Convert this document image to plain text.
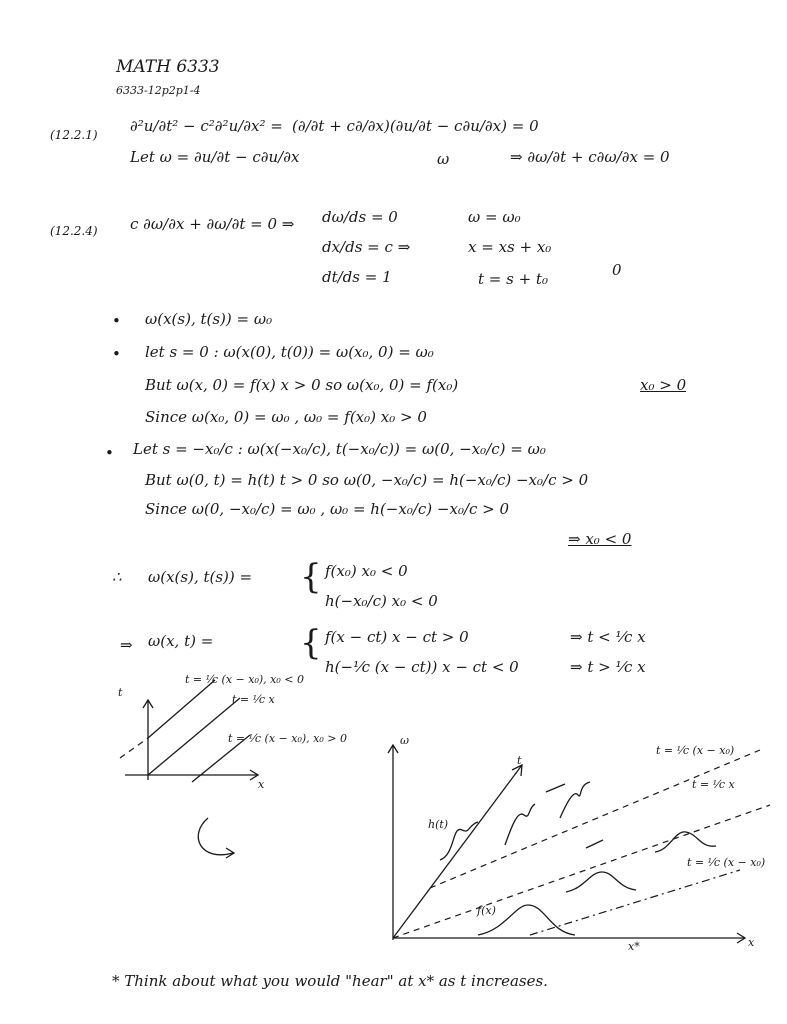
MATH 6333
6333-12p2p1-4
(12.2.1) ∂²u/∂t² − c²∂²u/∂x² = (∂/∂t + c∂/∂x)(∂u/∂t − c∂u/∂x) = 0
Let ω = ∂u/∂t − c∂u/∂x	ω	⇒ ∂ω/∂t + c∂ω/∂x = 0
(12.2.4) c ∂ω/∂x + ∂ω/∂t = 0 ⇒ dω/ds = 0	ω = ω₀
dx/ds = c ⇒	x = xs + x₀
dt/ds = 1	t = s + t₀	0
• ω(x(s), t(s)) = ω₀
• let s = 0 : ω(x(0), t(0)) = ω(x₀, 0) = ω₀
But ω(x, 0) = f(x) x > 0 so ω(x₀, 0) = f(x₀)	x₀ > 0
Since ω(x₀, 0) = ω₀ , ω₀ = f(x₀) x₀ > 0
• Let s = −x₀/c : ω(x(−x₀/c), t(−x₀/c)) = ω(0, −x₀/c) = ω₀
But ω(0, t) = h(t) t > 0 so ω(0, −x₀/c) = h(−x₀/c) −x₀/c > 0
Since ω(0, −x₀/c) = ω₀ , ω₀ = h(−x₀/c) −x₀/c > 0
⇒ x₀ < 0
∴ ω(x(s), t(s)) = { f(x₀) x₀ < 0
h(−x₀/c) x₀ < 0
⇒ ω(x, t) =	{ f(x − ct) x − ct > 0	⇒ t < ¹⁄c x
h(−¹⁄c (x − ct)) x − ct < 0	⇒ t > ¹⁄c x
t
x
t = ¹⁄c (x − x₀), x₀ < 0
t = ¹⁄c x
t = ¹⁄c (x − x₀), x₀ > 0	ω
t
x
t = ¹⁄c (x − x₀)
t = ¹⁄c x
t = ¹⁄c (x − x₀)
h(t)
f(x)
x*
* Think about what you would "hear" at x* as t increases.
